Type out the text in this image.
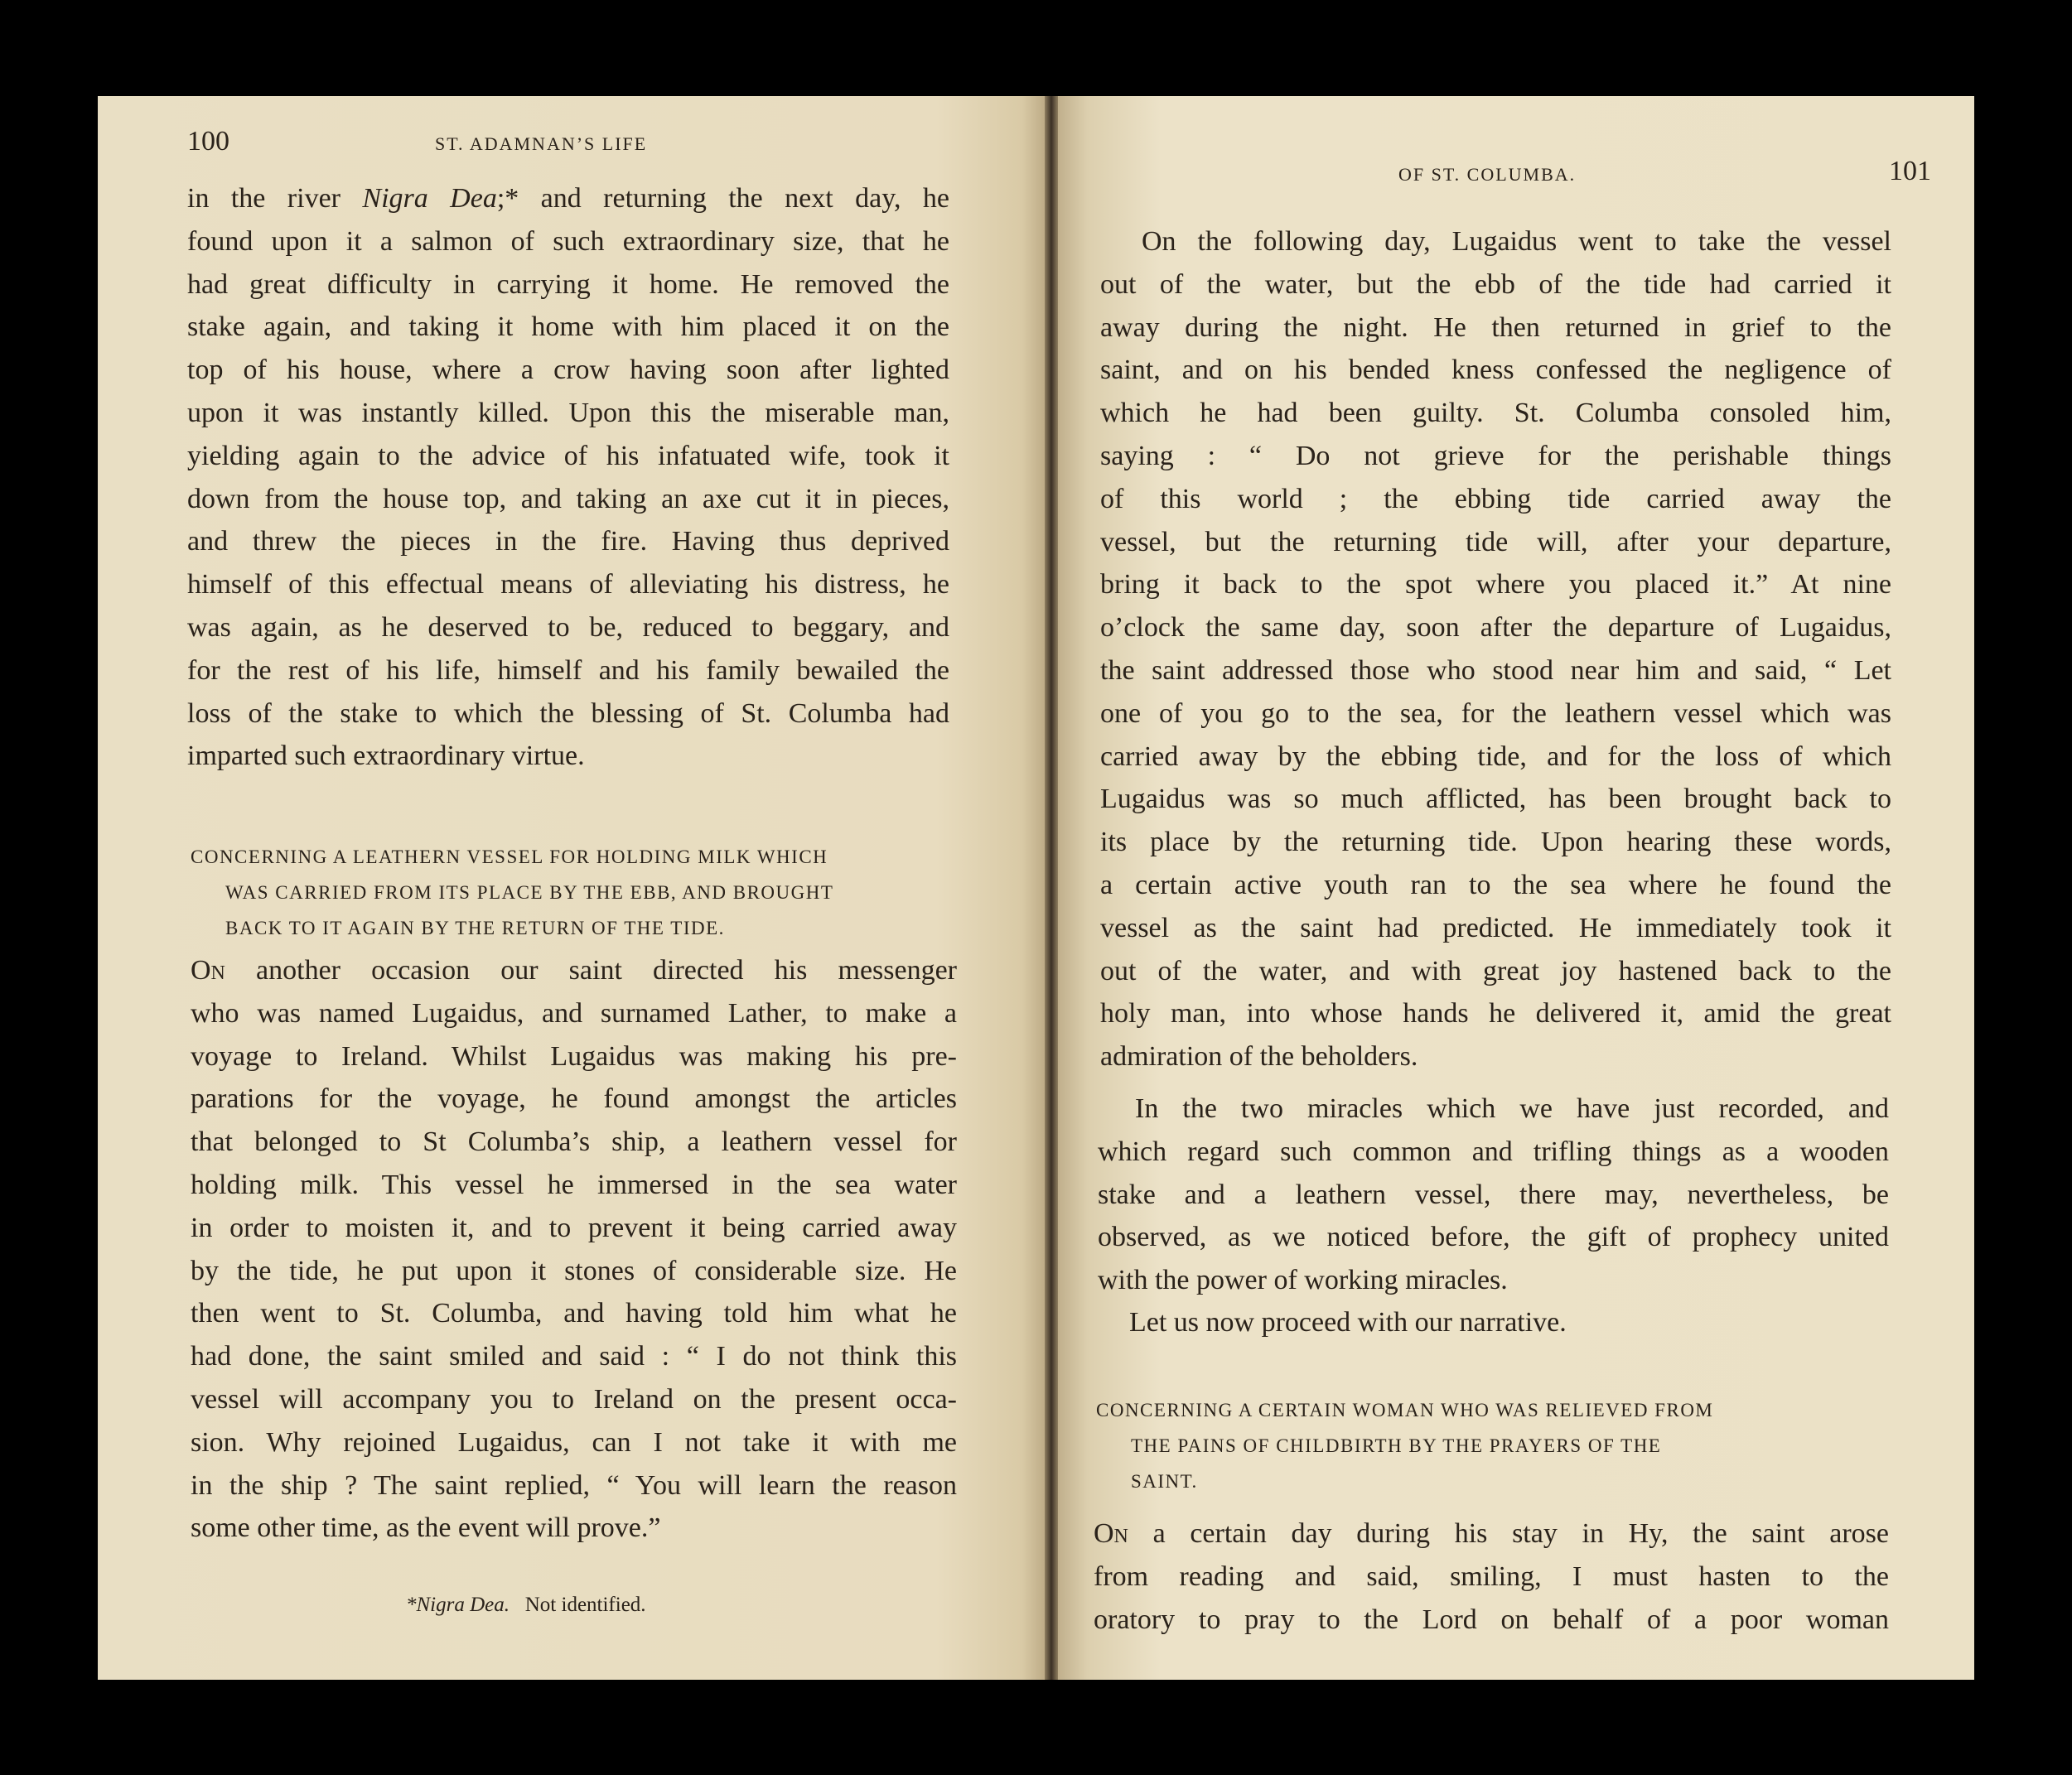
100	ST. ADAMNAN’S LIFE
in the river Nigra Dea;* and returning the next day, he
found upon it a salmon of such extraordinary size, that he
had great difficulty in carrying it home. He removed the
stake again, and taking it home with him placed it on the
top of his house, where a crow having soon after lighted
upon it was instantly killed. Upon this the miserable man,
yielding again to the advice of his infatuated wife, took it
down from the house top, and taking an axe cut it in pieces,
and threw the pieces in the fire. Having thus deprived
himself of this effectual means of alleviating his distress, he
was again, as he deserved to be, reduced to beggary, and
for the rest of his life, himself and his family bewailed the
loss of the stake to which the blessing of St. Columba had
imparted such extraordinary virtue.
CONCERNING A LEATHERN VESSEL FOR HOLDING MILK WHICH
WAS CARRIED FROM ITS PLACE BY THE EBB, AND BROUGHT
BACK TO IT AGAIN BY THE RETURN OF THE TIDE.
On another occasion our saint directed his messenger
who was named Lugaidus, and surnamed Lather, to make a
voyage to Ireland. Whilst Lugaidus was making his pre-
parations for the voyage, he found amongst the articles
that belonged to St Columba’s ship, a leathern vessel for
holding milk. This vessel he immersed in the sea water
in order to moisten it, and to prevent it being carried away
by the tide, he put upon it stones of considerable size. He
then went to St. Columba, and having told him what he
had done, the saint smiled and said : “ I do not think this
vessel will accompany you to Ireland on the present occa-
sion. Why rejoined Lugaidus, can I not take it with me
in the ship ? The saint replied, “ You will learn the reason
some other time, as the event will prove.”
*Nigra Dea. Not identified.
OF ST. COLUMBA.	101
On the following day, Lugaidus went to take the vessel
out of the water, but the ebb of the tide had carried it
away during the night. He then returned in grief to the
saint, and on his bended kness confessed the negligence of
which he had been guilty. St. Columba consoled him,
saying : “ Do not grieve for the perishable things
of this world ; the ebbing tide carried away the
vessel, but the returning tide will, after your departure,
bring it back to the spot where you placed it.” At nine
o’clock the same day, soon after the departure of Lugaidus,
the saint addressed those who stood near him and said, “ Let
one of you go to the sea, for the leathern vessel which was
carried away by the ebbing tide, and for the loss of which
Lugaidus was so much afflicted, has been brought back to
its place by the returning tide. Upon hearing these words,
a certain active youth ran to the sea where he found the
vessel as the saint had predicted. He immediately took it
out of the water, and with great joy hastened back to the
holy man, into whose hands he delivered it, amid the great
admiration of the beholders.
In the two miracles which we have just recorded, and
which regard such common and trifling things as a wooden
stake and a leathern vessel, there may, nevertheless, be
observed, as we noticed before, the gift of prophecy united
with the power of working miracles.
Let us now proceed with our narrative.
CONCERNING A CERTAIN WOMAN WHO WAS RELIEVED FROM
THE PAINS OF CHILDBIRTH BY THE PRAYERS OF THE
SAINT.
On a certain day during his stay in Hy, the saint arose
from reading and said, smiling, I must hasten to the
oratory to pray to the Lord on behalf of a poor woman
